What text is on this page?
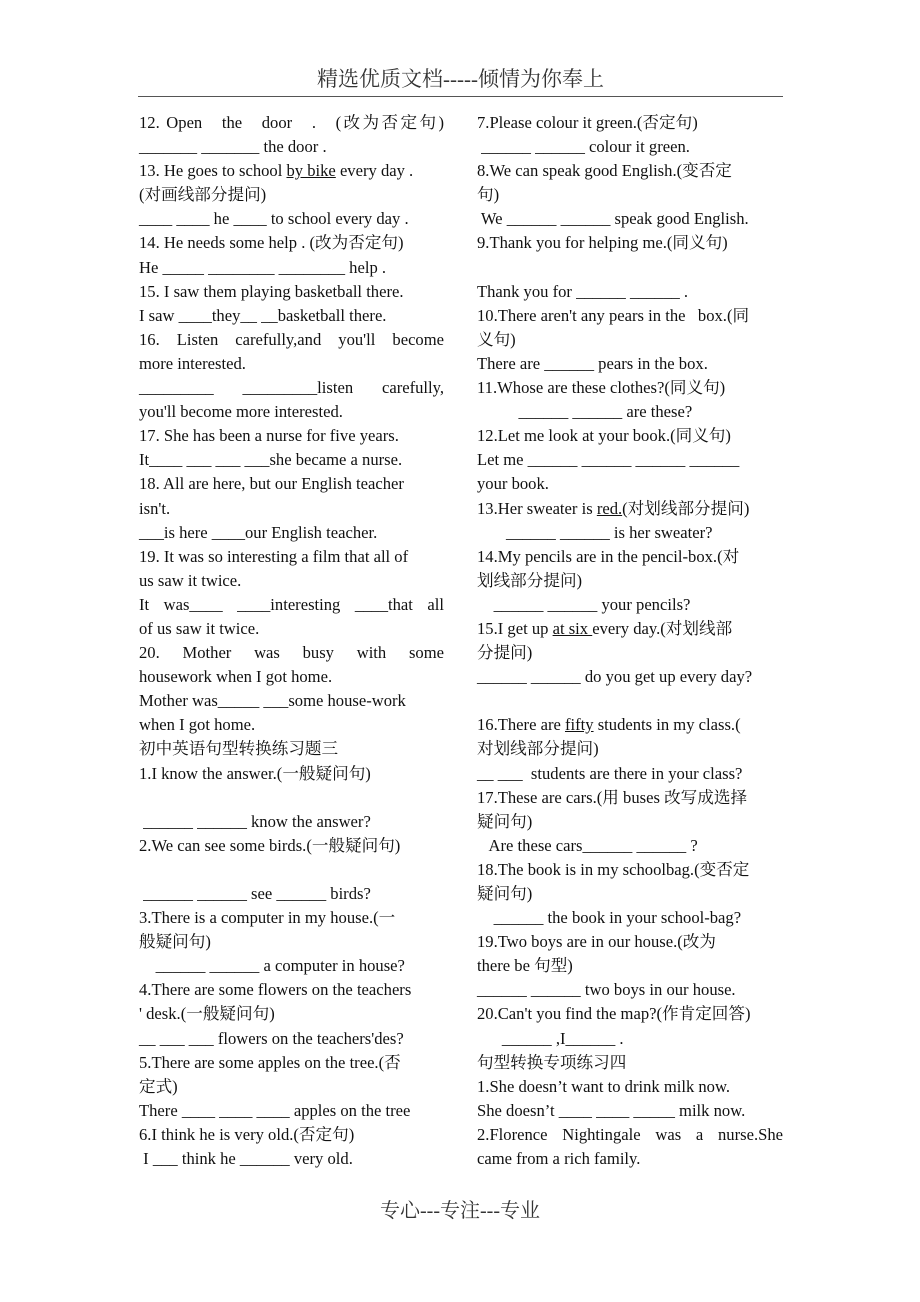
精选优质文档-----倾情为你奉上
12. Open   the   door   .   (改为否定句)
_______ _______ the door .
13. He goes to school by bike every day .
(对画线部分提问)
____ ____ he ____ to school every day .
14. He needs some help . (改为否定句)
He _____ ________ ________ help .
15. I saw them playing basketball there.
I saw ____they__ __basketball there.
16.  Listen  carefully,and  you'll  become
more interested.
_________   _________listen   carefully,
you'll become more interested.
17. She has been a nurse for five years.
It____ ___ ___ ___she became a nurse.
18. All are here, but our English teacher
isn't.
___is here ____our English teacher.
19. It was so interesting a film that all of
us saw it twice.
It was____ ____interesting ____that all
of us saw it twice.
20.   Mother   was   busy   with   some
housework when I got home.
Mother was_____ ___some house-work
when I got home.
初中英语句型转换练习题三
1.I know the answer.(一般疑问句)
______ ______ know the answer?
2.We can see some birds.(一般疑问句)
______ ______ see ______ birds?
3.There is a computer in my house.(一
般疑问句)
______ ______ a computer in house?
4.There are some flowers on the teachers
' desk.(一般疑问句)
__ ___ ___ flowers on the teachers'des?
5.There are some apples on the tree.(否
定式)
There ____ ____ ____ apples on the tree
6.I think he is very old.(否定句)
I ___ think he ______ very old.
7.Please colour it green.(否定句)
______ ______ colour it green.
8.We can speak good English.(变否定
句)
We ______ ______ speak good English.
9.Thank you for helping me.(同义句)
Thank you for ______ ______ .
10.There aren't any pears in the   box.(同
义句)
There are ______ pears in the box.
11.Whose are these clothes?(同义句)
______ ______ are these?
12.Let me look at your book.(同义句)
Let me ______ ______ ______ ______
your book.
13.Her sweater is red.(对划线部分提问)
______ ______ is her sweater?
14.My pencils are in the pencil-box.(对
划线部分提问)
______ ______ your pencils?
15.I get up at six every day.(对划线部
分提问)
______ ______ do you get up every day?
16.There are fifty students in my class.(
对划线部分提问)
__ ___  students are there in your class?
17.These are cars.(用 buses 改写成选择
疑问句)
Are these cars______ ______ ?
18.The book is in my schoolbag.(变否定
疑问句)
______ the book in your school-bag?
19.Two boys are in our house.(改为
there be 句型)
______ ______ two boys in our house.
20.Can't you find the map?(作肯定回答)
______ ,I______ .
句型转换专项练习四
1.She doesn’t want to drink milk now.
She doesn’t ____ ____ _____ milk now.
2.Florence  Nightingale  was  a  nurse.She
came from a rich family.
专心---专注---专业
